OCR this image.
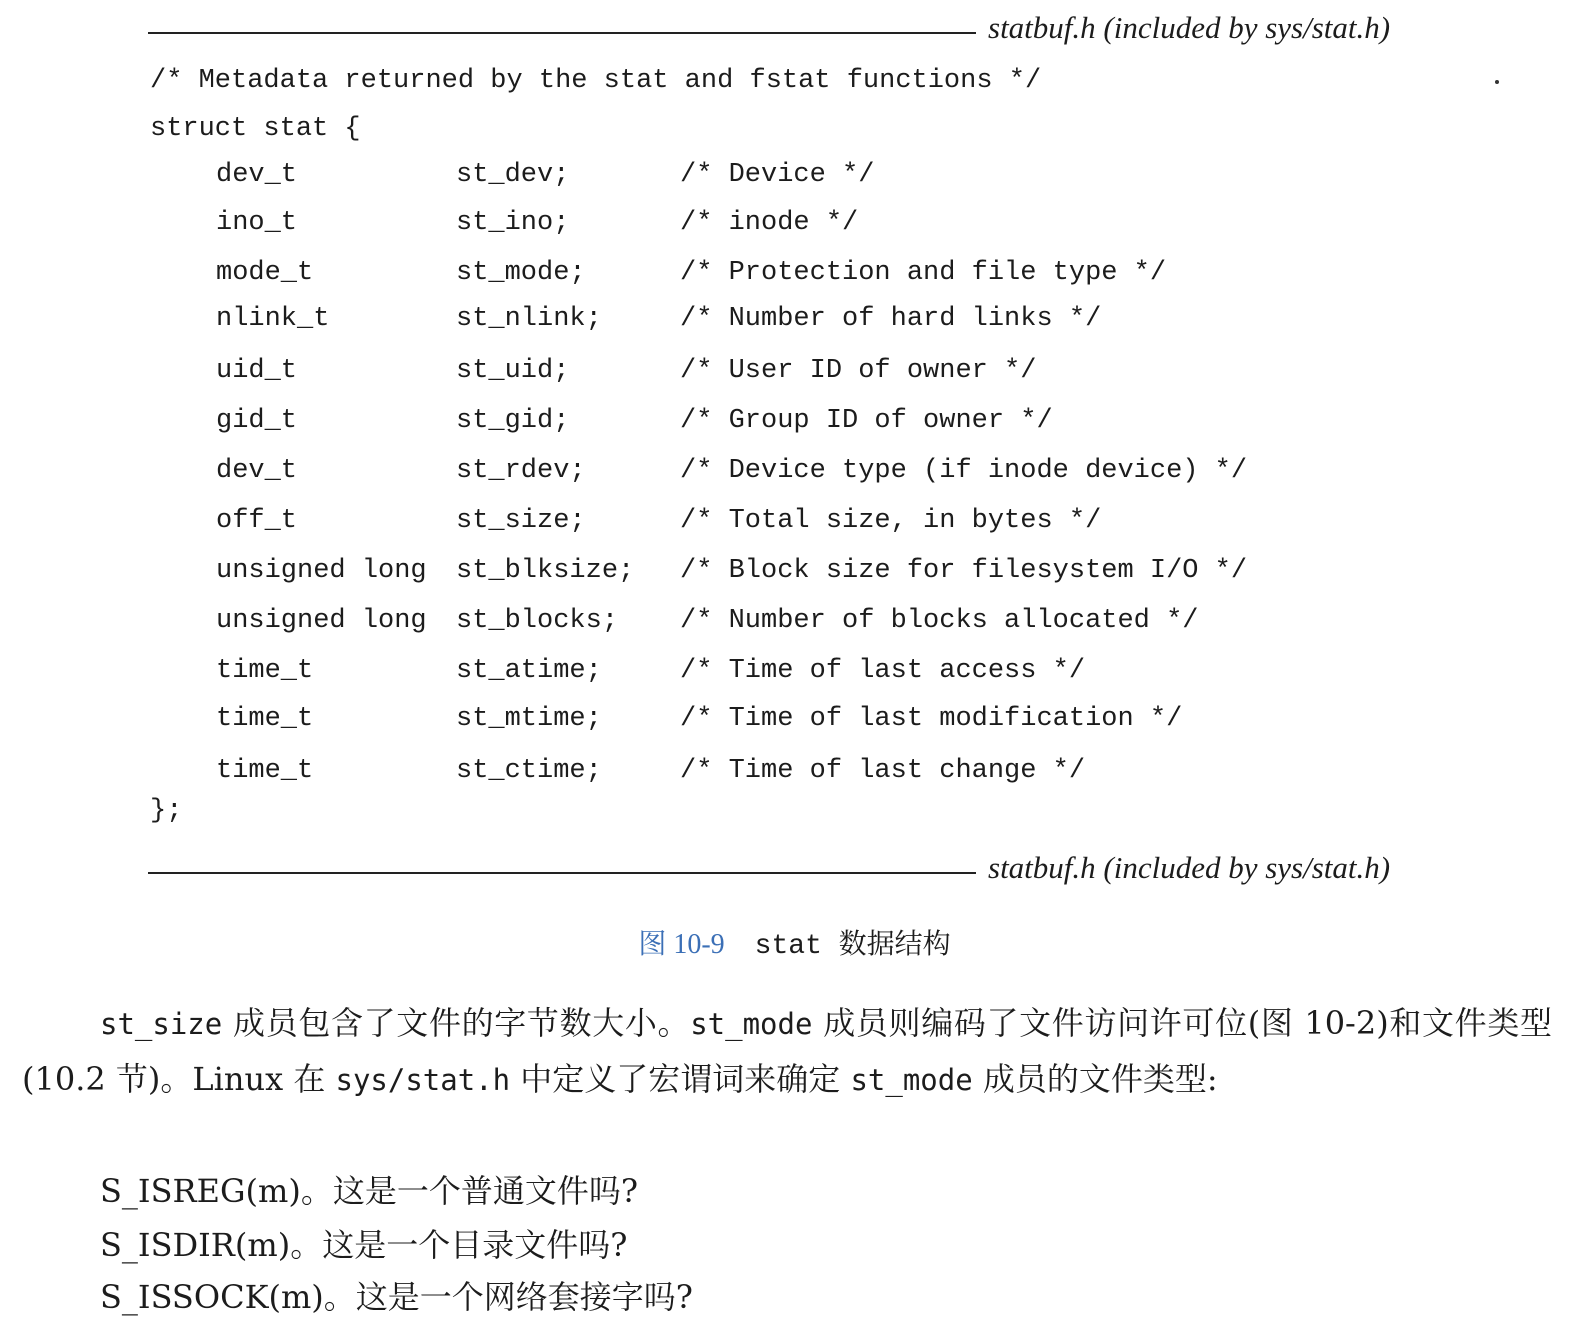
statbuf.h (included by sys/stat.h)
/* Metadata returned by the stat and fstat functions */
struct stat {
dev_t	st_dev;	/* Device */
ino_t	st_ino;	/* inode */
mode_t	st_mode;	/* Protection and file type */
nlink_t	st_nlink;	/* Number of hard links */
uid_t	st_uid;	/* User ID of owner */
gid_t	st_gid;	/* Group ID of owner */
dev_t	st_rdev;	/* Device type (if inode device) */
off_t	st_size;	/* Total size, in bytes */
unsigned long st_blksize; /* Block size for filesystem I/O */
unsigned long st_blocks; /* Number of blocks allocated */
time_t	st_atime;	/* Time of last access */
time_t	st_mtime;	/* Time of last modification */
time_t	st_ctime;	/* Time of last change */
};
statbuf.h (included by sys/stat.h)
图 10-9 stat 数据结构
st_size 成员包含了文件的字节数大小。st_mode 成员则编码了文件访问许可位(图 10-2)和文件类型(10.2 节)。Linux 在 sys/stat.h 中定义了宏谓词来确定 st_mode 成员的文件类型:
S_ISREG(m)。这是一个普通文件吗?
S_ISDIR(m)。这是一个目录文件吗?
S_ISSOCK(m)。这是一个网络套接字吗?
